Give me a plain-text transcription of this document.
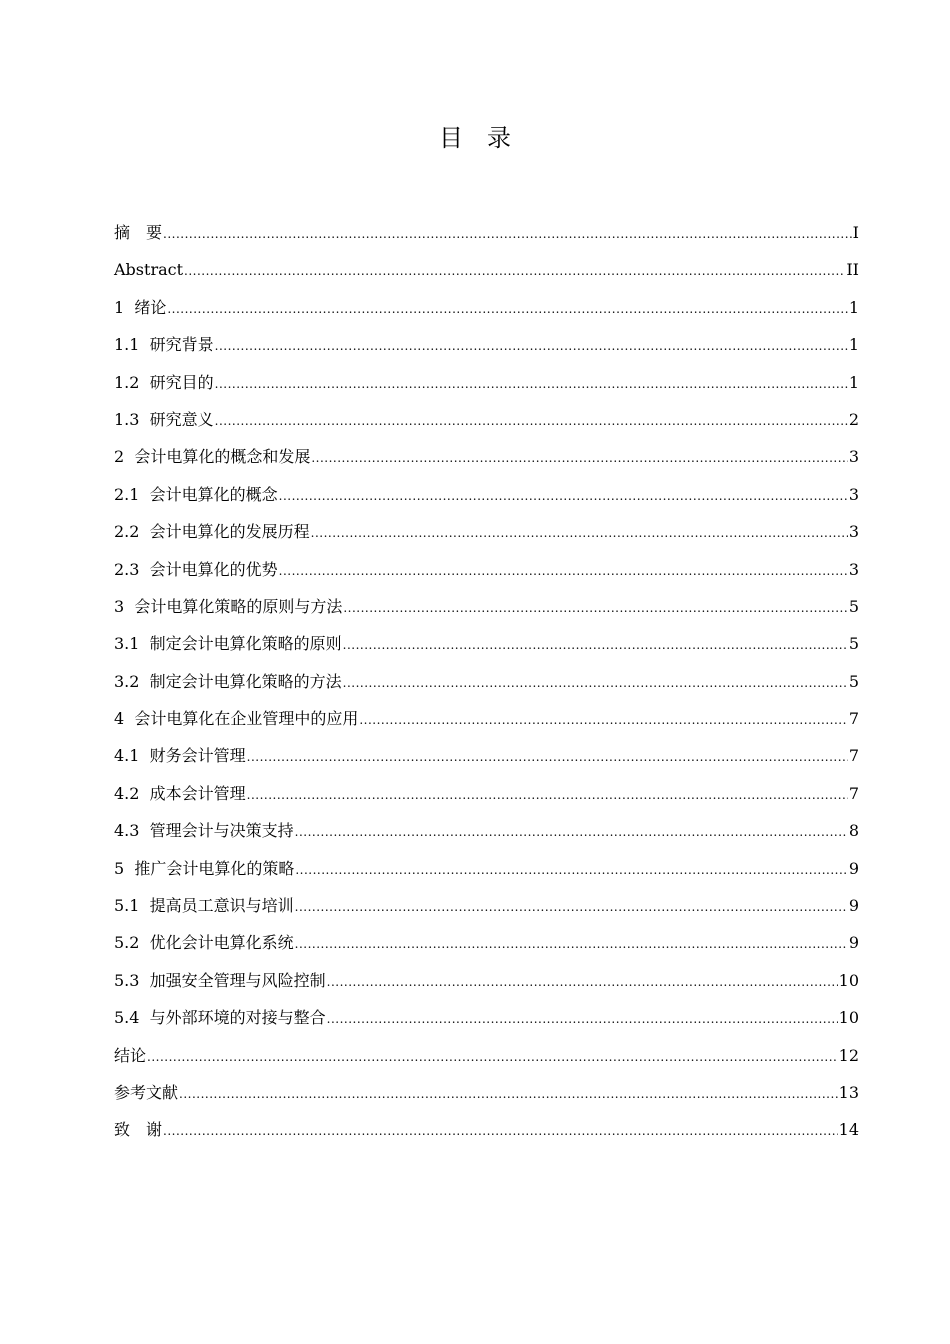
目　录
摘　要 .....	I
Abstract .....	II
1  绪论 .....	1
1.1  研究背景 .....	1
1.2  研究目的 .....	1
1.3  研究意义 .....	2
2  会计电算化的概念和发展 .....	3
2.1  会计电算化的概念 .....	3
2.2  会计电算化的发展历程 .....	3
2.3  会计电算化的优势 .....	3
3  会计电算化策略的原则与方法 .....	5
3.1  制定会计电算化策略的原则 .....	5
3.2  制定会计电算化策略的方法 .....	5
4  会计电算化在企业管理中的应用 .....	7
4.1  财务会计管理 .....	7
4.2  成本会计管理 .....	7
4.3  管理会计与决策支持 .....	8
5  推广会计电算化的策略 .....	9
5.1  提高员工意识与培训 .....	9
5.2  优化会计电算化系统 .....	9
5.3  加强安全管理与风险控制 .....	10
5.4  与外部环境的对接与整合 .....	10
结论 .....	12
参考文献 .....	13
致　谢 .....	14
